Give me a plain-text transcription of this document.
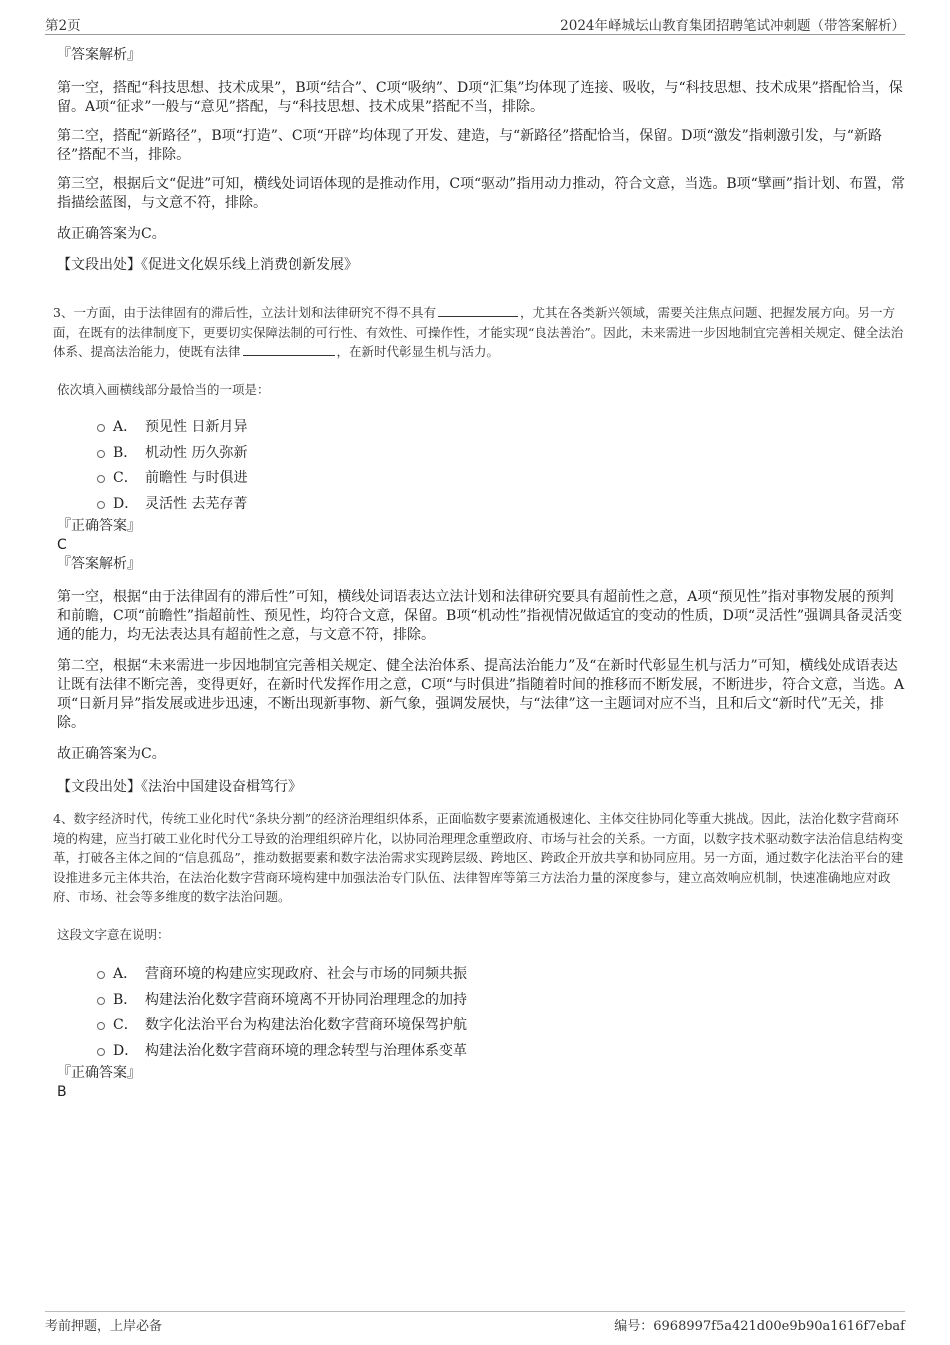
第2页	2024年峄城坛山教育集团招聘笔试冲刺题（带答案解析）

『答案解析』

第一空，搭配“科技思想、技术成果”，B项“结合”、C项“吸纳”、D项“汇集”均体现了连接、吸收，与“科技思想、技术成果”搭配恰当，保留。A项“征求”一般与“意见”搭配，与“科技思想、技术成果”搭配不当，排除。

第二空，搭配“新路径”，B项“打造”、C项“开辟”均体现了开发、建造，与“新路径”搭配恰当，保留。D项“激发”指刺激引发，与“新路径”搭配不当，排除。

第三空，根据后文“促进”可知，横线处词语体现的是推动作用，C项“驱动”指用动力推动，符合文意，当选。B项“擘画”指计划、布置，常指描绘蓝图，与文意不符，排除。

故正确答案为C。

【文段出处】《促进文化娱乐线上消费创新发展》

3、一方面，由于法律固有的滞后性，立法计划和法律研究不得不具有	，尤其在各类新兴领域，需要关注焦点问题、把握发展方向。另一方面，在既有的法律制度下，更要切实保障法制的可行性、有效性、可操作性，才能实现“良法善治”。因此，未来需进一步因地制宜完善相关规定、健全法治体系、提高法治能力，使既有法律	，在新时代彰显生机与活力。

依次填入画横线部分最恰当的一项是：

A． 预见性 日新月异
B． 机动性 历久弥新
C． 前瞻性 与时俱进
D． 灵活性 去芜存菁

『正确答案』

C

『答案解析』

第一空，根据“由于法律固有的滞后性”可知，横线处词语表达立法计划和法律研究要具有超前性之意，A项“预见性”指对事物发展的预判和前瞻，C项“前瞻性”指超前性、预见性，均符合文意，保留。B项“机动性”指视情况做适宜的变动的性质，D项“灵活性”强调具备灵活变通的能力，均无法表达具有超前性之意，与文意不符，排除。

第二空，根据“未来需进一步因地制宜完善相关规定、健全法治体系、提高法治能力”及“在新时代彰显生机与活力”可知，横线处成语表达让既有法律不断完善，变得更好，在新时代发挥作用之意，C项“与时俱进”指随着时间的推移而不断发展，不断进步，符合文意，当选。A项“日新月异”指发展或进步迅速，不断出现新事物、新气象，强调发展快，与“法律”这一主题词对应不当，且和后文“新时代”无关，排除。

故正确答案为C。

【文段出处】《法治中国建设奋楫笃行》

4、数字经济时代，传统工业化时代“条块分割”的经济治理组织体系，正面临数字要素流通极速化、主体交往协同化等重大挑战。因此，法治化数字营商环境的构建，应当打破工业化时代分工导致的治理组织碎片化，以协同治理理念重塑政府、市场与社会的关系。一方面，以数字技术驱动数字法治信息结构变革，打破各主体之间的“信息孤岛”，推动数据要素和数字法治需求实现跨层级、跨地区、跨政企开放共享和协同应用。另一方面，通过数字化法治平台的建设推进多元主体共治，在法治化数字营商环境构建中加强法治专门队伍、法律智库等第三方法治力量的深度参与，建立高效响应机制，快速准确地应对政府、市场、社会等多维度的数字法治问题。

这段文字意在说明：

A． 营商环境的构建应实现政府、社会与市场的同频共振
B． 构建法治化数字营商环境离不开协同治理理念的加持
C． 数字化法治平台为构建法治化数字营商环境保驾护航
D． 构建法治化数字营商环境的理念转型与治理体系变革

『正确答案』

B

考前押题，上岸必备	编号：6968997f5a421d00e9b90a1616f7ebaf
